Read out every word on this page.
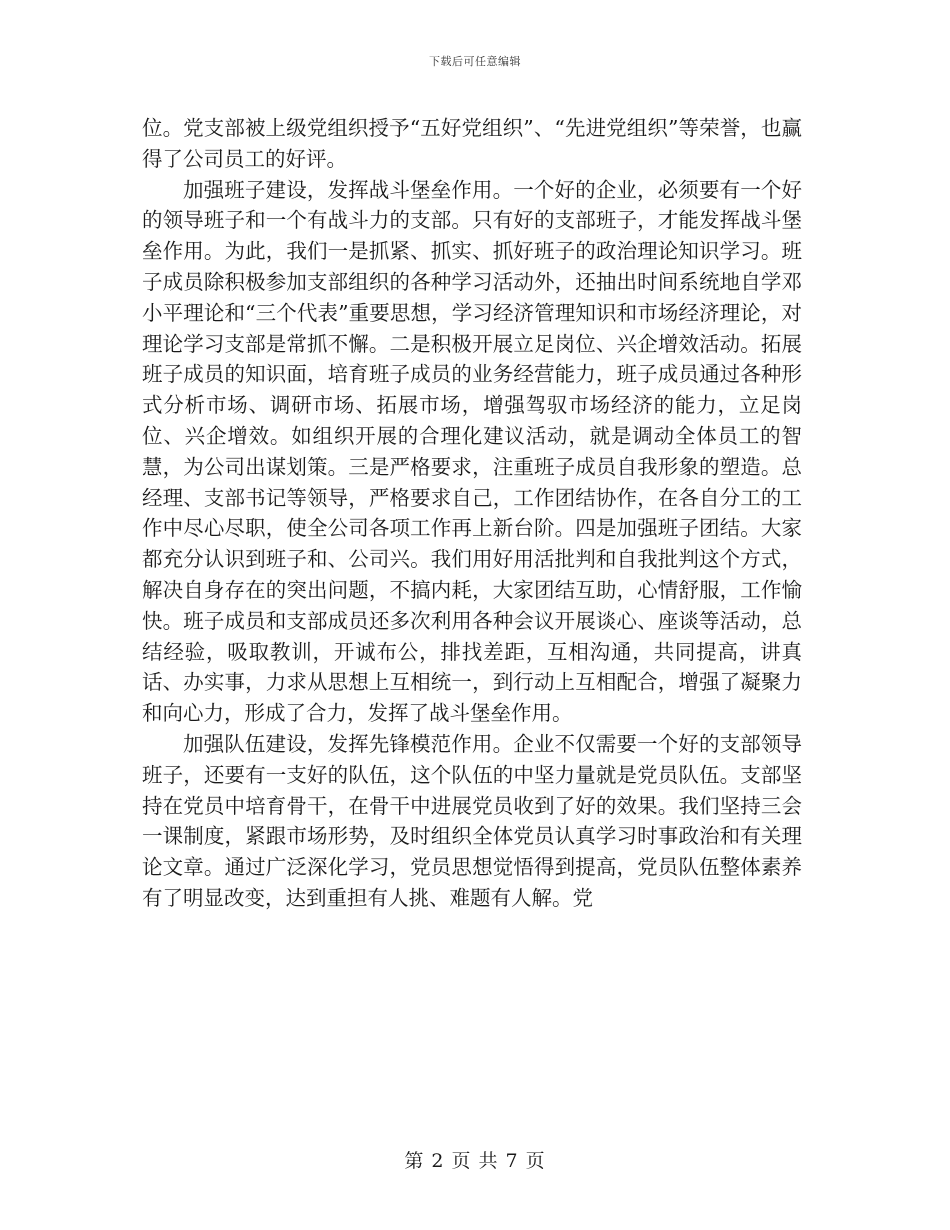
下载后可任意编辑

位。党支部被上级党组织授予“五好党组织”、“先进党组织”等荣誉，也赢得了公司员工的好评。

加强班子建设，发挥战斗堡垒作用。一个好的企业，必须要有一个好的领导班子和一个有战斗力的支部。只有好的支部班子，才能发挥战斗堡垒作用。为此，我们一是抓紧、抓实、抓好班子的政治理论知识学习。班子成员除积极参加支部组织的各种学习活动外，还抽出时间系统地自学邓小平理论和“三个代表”重要思想，学习经济管理知识和市场经济理论，对理论学习支部是常抓不懈。二是积极开展立足岗位、兴企增效活动。拓展班子成员的知识面，培育班子成员的业务经营能力，班子成员通过各种形式分析市场、调研市场、拓展市场，增强驾驭市场经济的能力，立足岗位、兴企增效。如组织开展的合理化建议活动，就是调动全体员工的智慧，为公司出谋划策。三是严格要求，注重班子成员自我形象的塑造。总经理、支部书记等领导，严格要求自己，工作团结协作，在各自分工的工作中尽心尽职，使全公司各项工作再上新台阶。四是加强班子团结。大家都充分认识到班子和、公司兴。我们用好用活批判和自我批判这个方式，解决自身存在的突出问题，不搞内耗，大家团结互助，心情舒服，工作愉快。班子成员和支部成员还多次利用各种会议开展谈心、座谈等活动，总结经验，吸取教训，开诚布公，排找差距，互相沟通，共同提高，讲真话、办实事，力求从思想上互相统一，到行动上互相配合，增强了凝聚力和向心力，形成了合力，发挥了战斗堡垒作用。

加强队伍建设，发挥先锋模范作用。企业不仅需要一个好的支部领导班子，还要有一支好的队伍，这个队伍的中坚力量就是党员队伍。支部坚持在党员中培育骨干，在骨干中进展党员收到了好的效果。我们坚持三会一课制度，紧跟市场形势，及时组织全体党员认真学习时事政治和有关理论文章。通过广泛深化学习，党员思想觉悟得到提高，党员队伍整体素养有了明显改变，达到重担有人挑、难题有人解。党

第 2 页 共 7 页
